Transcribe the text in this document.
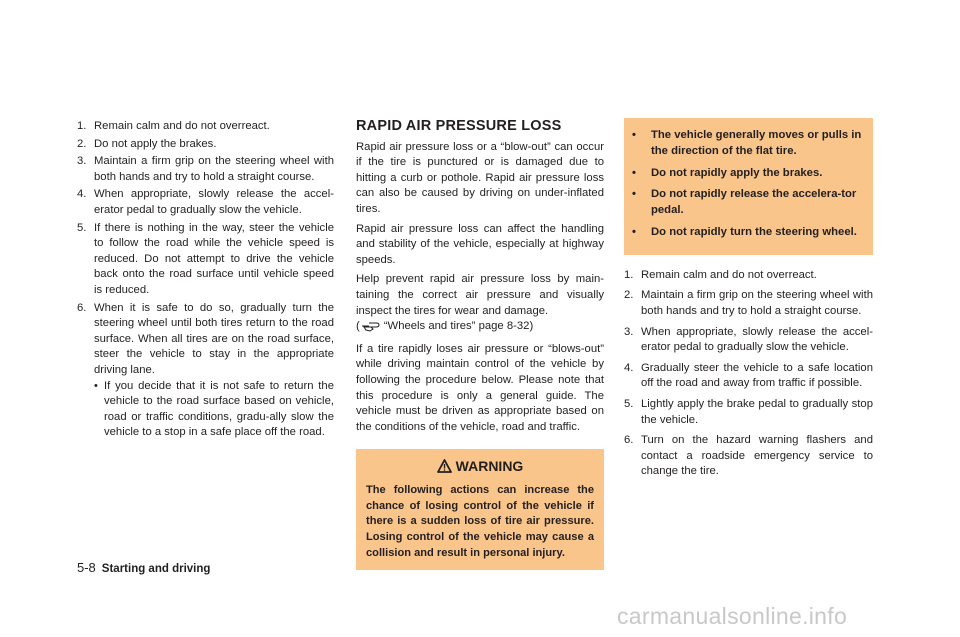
1. Remain calm and do not overreact.
2. Do not apply the brakes.
3. Maintain a firm grip on the steering wheel with both hands and try to hold a straight course.
4. When appropriate, slowly release the accel-erator pedal to gradually slow the vehicle.
5. If there is nothing in the way, steer the vehicle to follow the road while the vehicle speed is reduced. Do not attempt to drive the vehicle back onto the road surface until vehicle speed is reduced.
6. When it is safe to do so, gradually turn the steering wheel until both tires return to the road surface. When all tires are on the road surface, steer the vehicle to stay in the appropriate driving lane.
• If you decide that it is not safe to return the vehicle to the road surface based on vehicle, road or traffic conditions, gradu-ally slow the vehicle to a stop in a safe place off the road.
RAPID AIR PRESSURE LOSS

Rapid air pressure loss or a “blow-out” can occur if the tire is punctured or is damaged due to hitting a curb or pothole. Rapid air pressure loss can also be caused by driving on under-inflated tires.

Rapid air pressure loss can affect the handling and stability of the vehicle, especially at highway speeds.

Help prevent rapid air pressure loss by main-taining the correct air pressure and visually inspect the tires for wear and damage.

( “Wheels and tires” page 8-32)

If a tire rapidly loses air pressure or “blows-out” while driving maintain control of the vehicle by following the procedure below. Please note that this procedure is only a general guide. The vehicle must be driven as appropriate based on the conditions of the vehicle, road and traffic.

WARNING
The following actions can increase the chance of losing control of the vehicle if there is a sudden loss of tire air pressure. Losing control of the vehicle may cause a collision and result in personal injury.
• The vehicle generally moves or pulls in the direction of the flat tire.
• Do not rapidly apply the brakes.
• Do not rapidly release the accelera-tor pedal.
• Do not rapidly turn the steering wheel.
1. Remain calm and do not overreact.
2. Maintain a firm grip on the steering wheel with both hands and try to hold a straight course.
3. When appropriate, slowly release the accel-erator pedal to gradually slow the vehicle.
4. Gradually steer the vehicle to a safe location off the road and away from traffic if possible.
5. Lightly apply the brake pedal to gradually stop the vehicle.
6. Turn on the hazard warning flashers and contact a roadside emergency service to change the tire.
5-8 Starting and driving
carmanualsonline.info
